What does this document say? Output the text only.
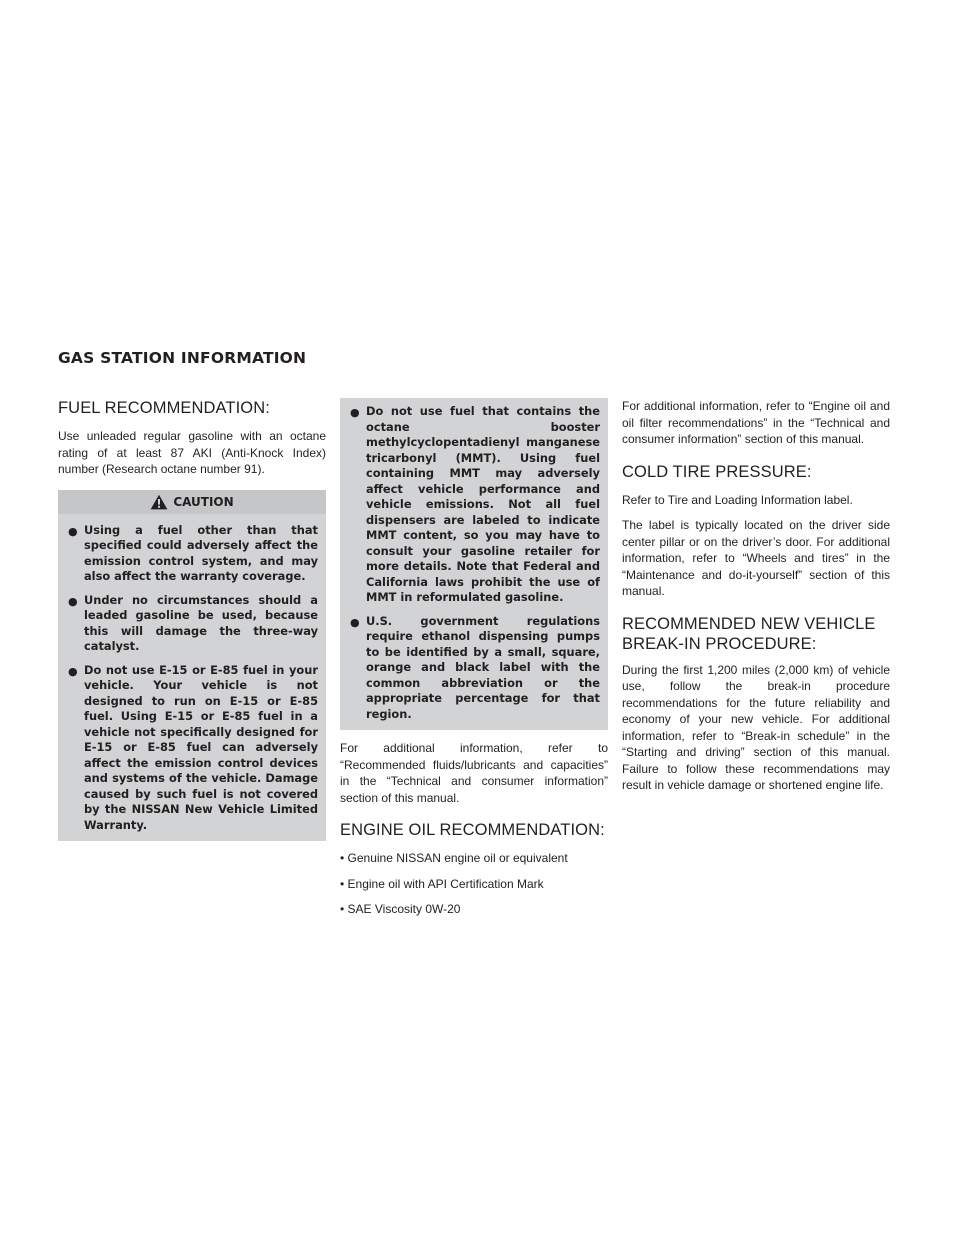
GAS STATION INFORMATION
FUEL RECOMMENDATION:

Use unleaded regular gasoline with an octane rating of at least 87 AKI (Anti-Knock Index) number (Research octane number 91).

CAUTION
● Using a fuel other than that specified could adversely affect the emission control system, and may also affect the warranty coverage.
● Under no circumstances should a leaded gasoline be used, because this will damage the three-way catalyst.
● Do not use E-15 or E-85 fuel in your vehicle. Your vehicle is not designed to run on E-15 or E-85 fuel. Using E-15 or E-85 fuel in a vehicle not specifically designed for E-15 or E-85 fuel can adversely affect the emission control devices and systems of the vehicle. Damage caused by such fuel is not covered by the NISSAN New Vehicle Limited Warranty.
● Do not use fuel that contains the octane booster methylcyclopentadienyl manganese tricarbonyl (MMT). Using fuel containing MMT may adversely affect vehicle performance and vehicle emissions. Not all fuel dispensers are labeled to indicate MMT content, so you may have to consult your gasoline retailer for more details. Note that Federal and California laws prohibit the use of MMT in reformulated gasoline.
● U.S. government regulations require ethanol dispensing pumps to be identified by a small, square, orange and black label with the common abbreviation or the appropriate percentage for that region.

For additional information, refer to “Recommended fluids/lubricants and capacities” in the “Technical and consumer information” section of this manual.

ENGINE OIL RECOMMENDATION:
• Genuine NISSAN engine oil or equivalent
• Engine oil with API Certification Mark
• SAE Viscosity 0W-20

For additional information, refer to “Engine oil and oil filter recommendations” in the “Technical and consumer information” section of this manual.

COLD TIRE PRESSURE:

Refer to Tire and Loading Information label.

The label is typically located on the driver side center pillar or on the driver’s door. For additional information, refer to “Wheels and tires” in the “Maintenance and do-it-yourself” section of this manual.

RECOMMENDED NEW VEHICLE
BREAK-IN PROCEDURE:

During the first 1,200 miles (2,000 km) of vehicle use, follow the break-in procedure recommendations for the future reliability and economy of your new vehicle. For additional information, refer to “Break-in schedule” in the “Starting and driving” section of this manual. Failure to follow these recommendations may result in vehicle damage or shortened engine life.
